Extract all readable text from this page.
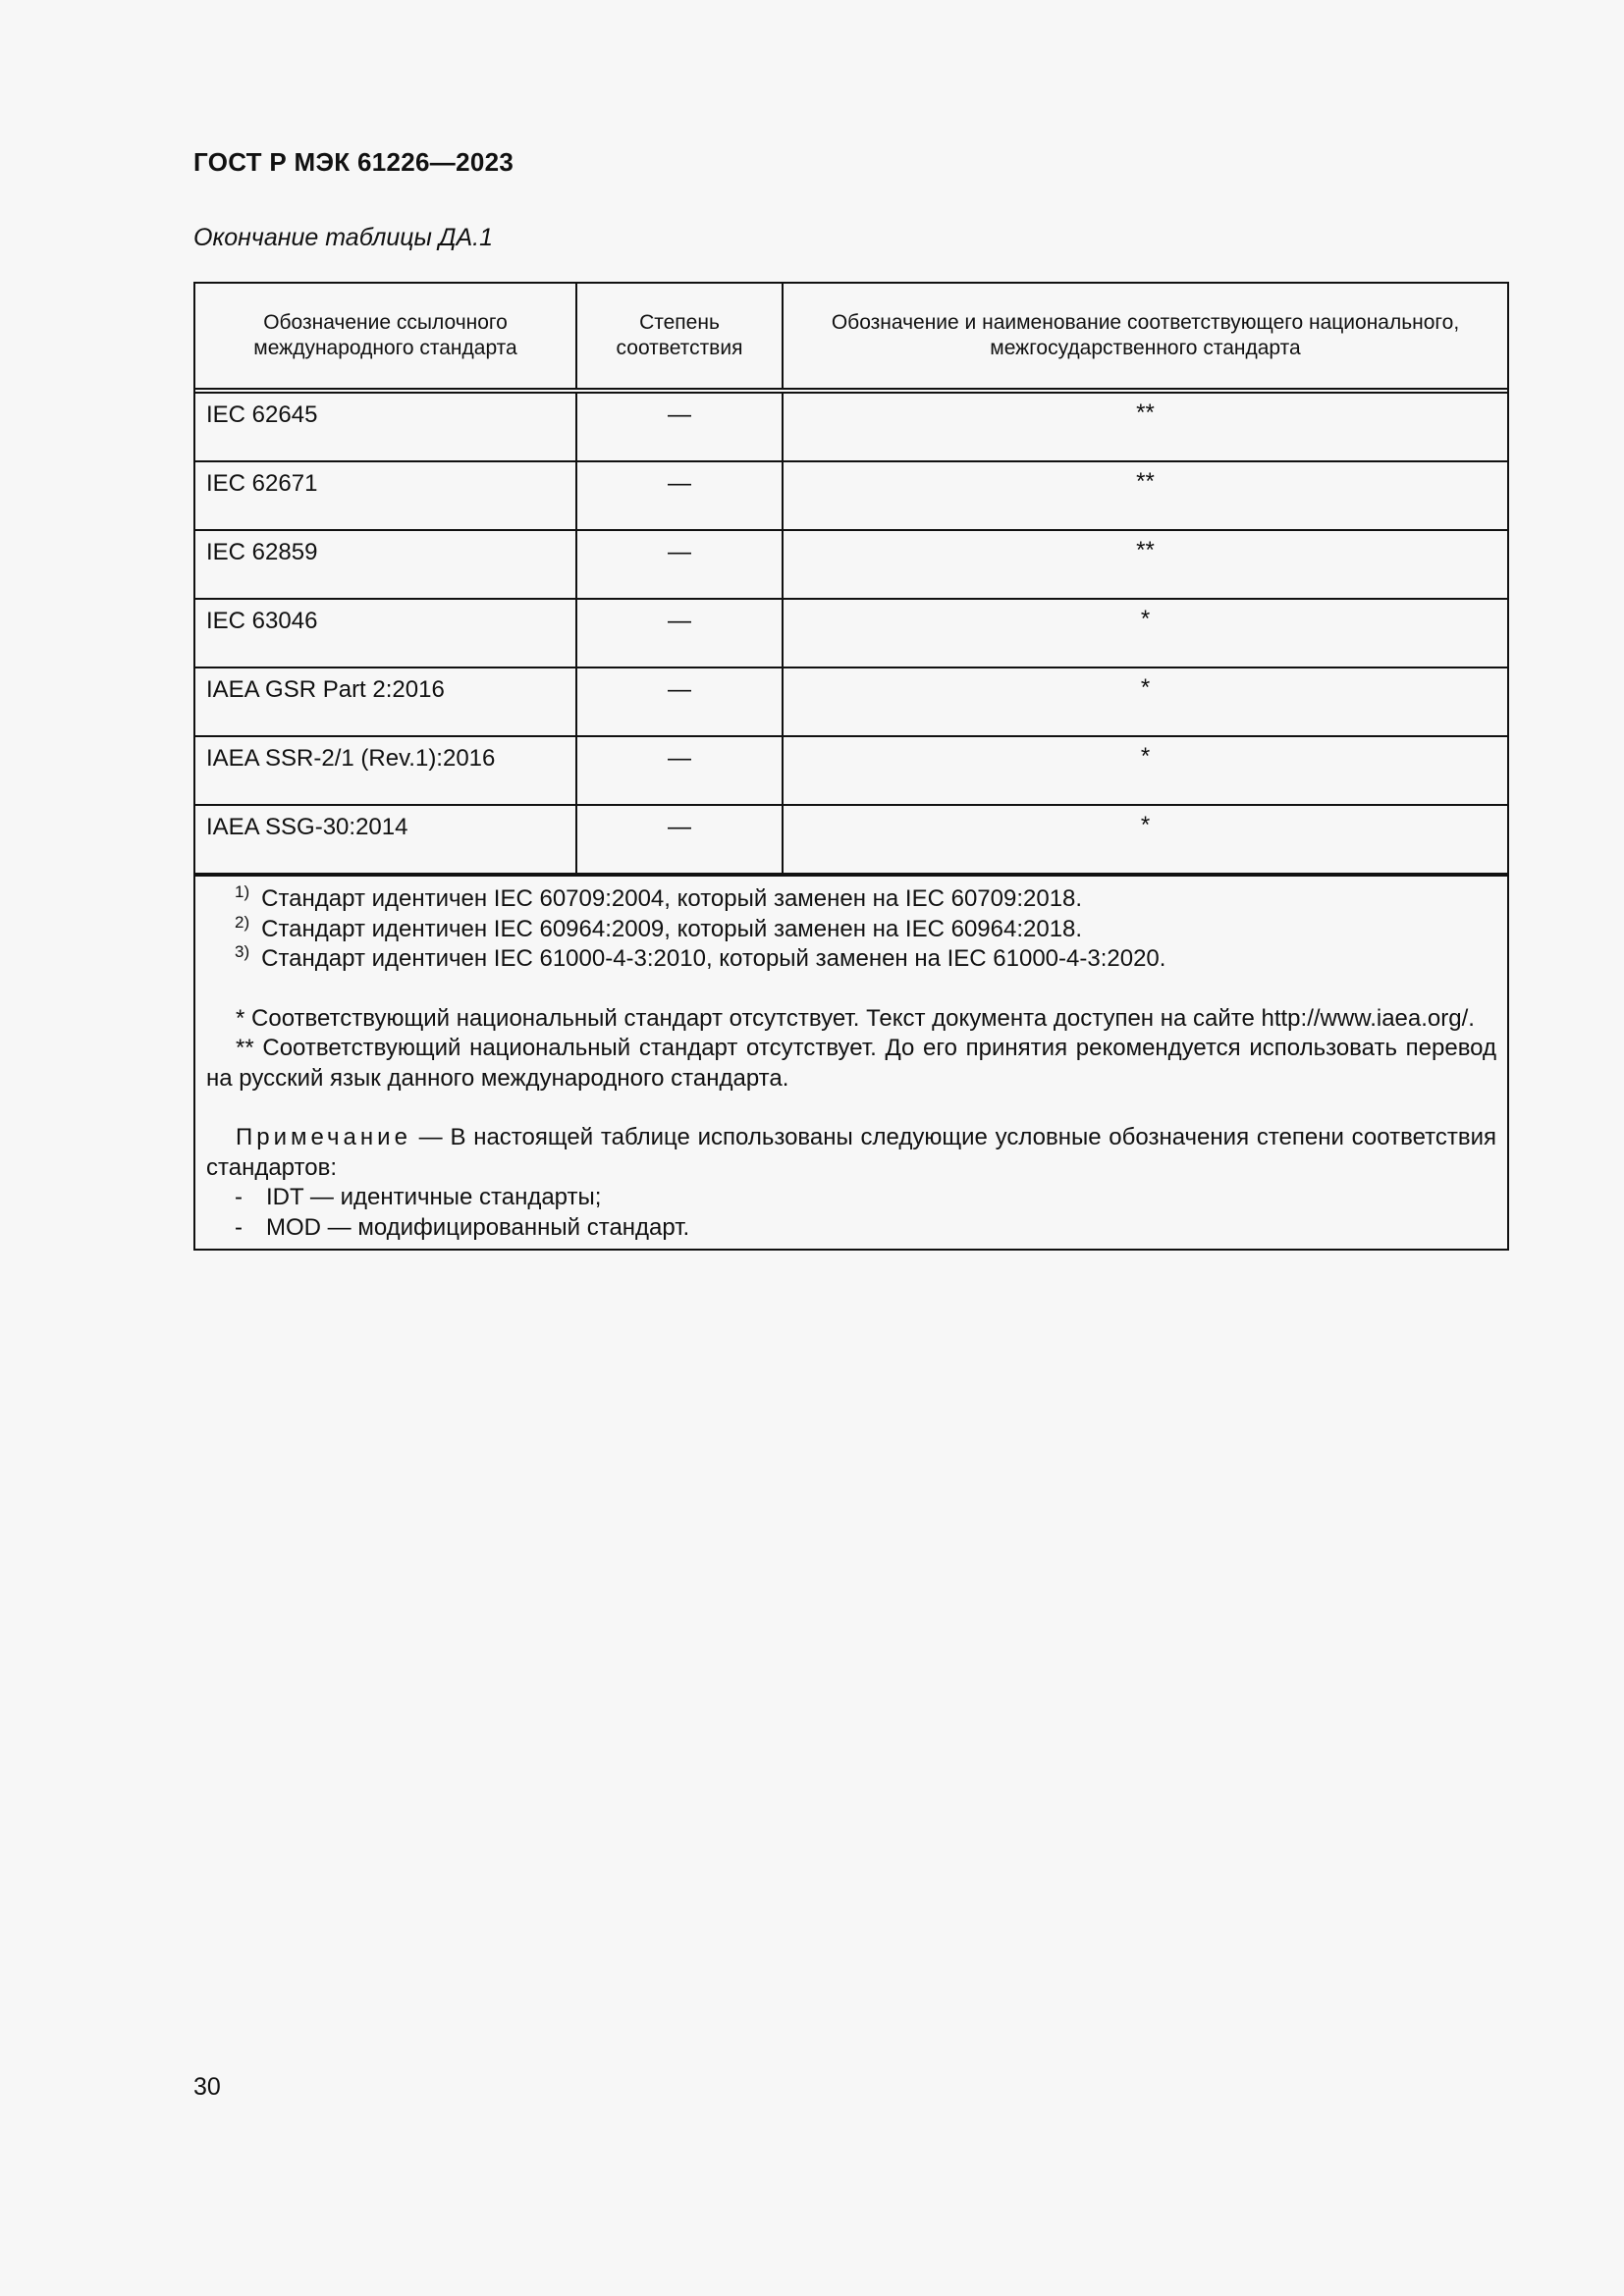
ГОСТ Р МЭК 61226—2023
Окончание таблицы ДА.1
Обозначение ссылочного международного стандарта	Степень соответствия	Обозначение и наименование соответствующего национального, межгосударственного стандарта
IEC 62645	—	**
IEC 62671	—	**
IEC 62859	—	**
IEC 63046	—	*
IAEA GSR Part 2:2016	—	*
IAEA SSR-2/1 (Rev.1):2016	—	*
IAEA SSG-30:2014	—	*
$^{1)}$ Стандарт идентичен IEC 60709:2004, который заменен на IEC 60709:2018.
$^{2)}$ Стандарт идентичен IEC 60964:2009, который заменен на IEC 60964:2018.
$^{3)}$ Стандарт идентичен IEC 61000-4-3:2010, который заменен на IEC 61000-4-3:2020.
* Соответствующий национальный стандарт отсутствует. Текст документа доступен на сайте http://www.iaea.org/.
** Соответствующий национальный стандарт отсутствует. До его принятия рекомендуется использовать перевод на русский язык данного международного стандарта.
Примечание — В настоящей таблице использованы следующие условные обозначения степени соответствия стандартов:
- IDT — идентичные стандарты;
- MOD — модифицированный стандарт.
30
